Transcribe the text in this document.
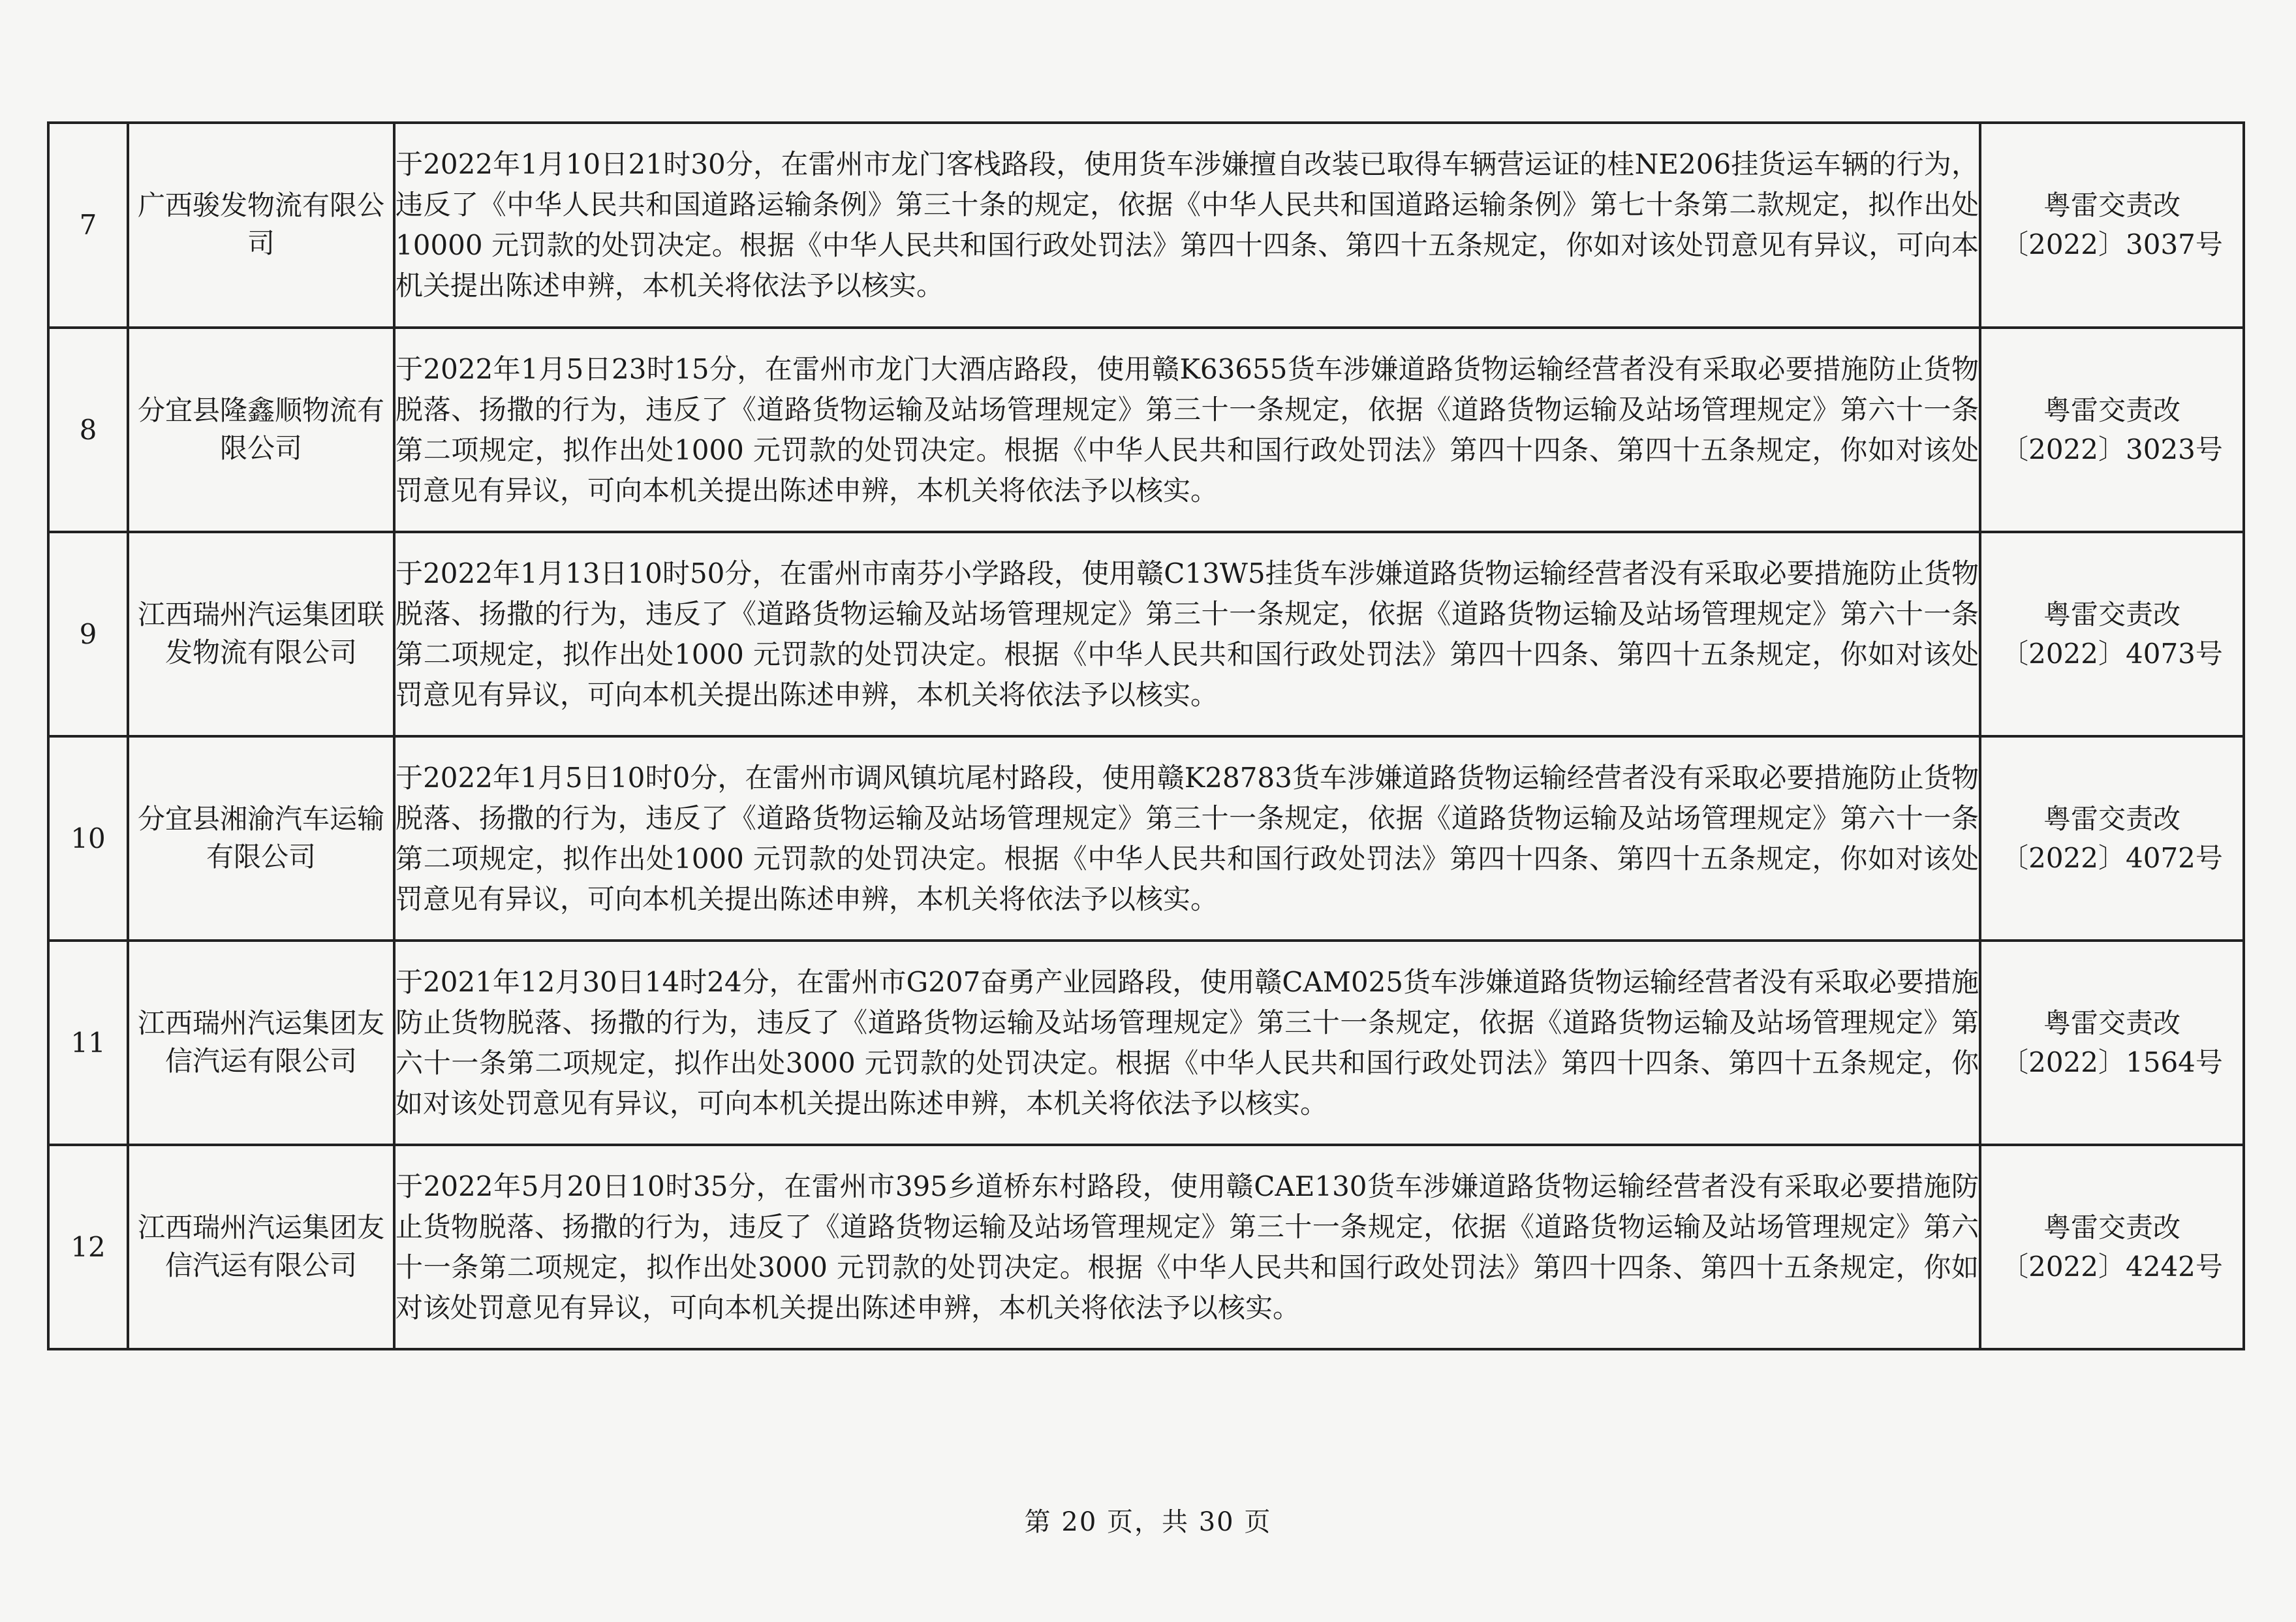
7	广西骏发物流有限公司	于2022年1月10日21时30分，在雷州市龙门客栈路段，使用货车涉嫌擅自改装已取得车辆营运证的桂NE206挂货运车辆的行为，违反了《中华人民共和国道路运输条例》第三十条的规定，依据《中华人民共和国道路运输条例》第七十条第二款规定，拟作出处10000 元罚款的处罚决定。根据《中华人民共和国行政处罚法》第四十四条、第四十五条规定，你如对该处罚意见有异议，可向本机关提出陈述申辨，本机关将依法予以核实。	粤雷交责改
〔2022〕3037号

8	分宜县隆鑫顺物流有限公司	于2022年1月5日23时15分，在雷州市龙门大酒店路段，使用赣K63655货车涉嫌道路货物运输经营者没有采取必要措施防止货物脱落、扬撒的行为，违反了《道路货物运输及站场管理规定》第三十一条规定，依据《道路货物运输及站场管理规定》第六十一条第二项规定，拟作出处1000 元罚款的处罚决定。根据《中华人民共和国行政处罚法》第四十四条、第四十五条规定，你如对该处罚意见有异议，可向本机关提出陈述申辨，本机关将依法予以核实。	粤雷交责改
〔2022〕3023号

9	江西瑞州汽运集团联发物流有限公司	于2022年1月13日10时50分，在雷州市南芬小学路段，使用赣C13W5挂货车涉嫌道路货物运输经营者没有采取必要措施防止货物脱落、扬撒的行为，违反了《道路货物运输及站场管理规定》第三十一条规定，依据《道路货物运输及站场管理规定》第六十一条第二项规定，拟作出处1000 元罚款的处罚决定。根据《中华人民共和国行政处罚法》第四十四条、第四十五条规定，你如对该处罚意见有异议，可向本机关提出陈述申辨，本机关将依法予以核实。	粤雷交责改
〔2022〕4073号

10	分宜县湘渝汽车运输有限公司	于2022年1月5日10时0分，在雷州市调风镇坑尾村路段，使用赣K28783货车涉嫌道路货物运输经营者没有采取必要措施防止货物脱落、扬撒的行为，违反了《道路货物运输及站场管理规定》第三十一条规定，依据《道路货物运输及站场管理规定》第六十一条第二项规定，拟作出处1000 元罚款的处罚决定。根据《中华人民共和国行政处罚法》第四十四条、第四十五条规定，你如对该处罚意见有异议，可向本机关提出陈述申辨，本机关将依法予以核实。	粤雷交责改
〔2022〕4072号

11	江西瑞州汽运集团友信汽运有限公司	于2021年12月30日14时24分，在雷州市G207奋勇产业园路段，使用赣CAM025货车涉嫌道路货物运输经营者没有采取必要措施防止货物脱落、扬撒的行为，违反了《道路货物运输及站场管理规定》第三十一条规定，依据《道路货物运输及站场管理规定》第六十一条第二项规定，拟作出处3000 元罚款的处罚决定。根据《中华人民共和国行政处罚法》第四十四条、第四十五条规定，你如对该处罚意见有异议，可向本机关提出陈述申辨，本机关将依法予以核实。	粤雷交责改
〔2022〕1564号

12	江西瑞州汽运集团友信汽运有限公司	于2022年5月20日10时35分，在雷州市395乡道桥东村路段，使用赣CAE130货车涉嫌道路货物运输经营者没有采取必要措施防止货物脱落、扬撒的行为，违反了《道路货物运输及站场管理规定》第三十一条规定，依据《道路货物运输及站场管理规定》第六十一条第二项规定，拟作出处3000 元罚款的处罚决定。根据《中华人民共和国行政处罚法》第四十四条、第四十五条规定，你如对该处罚意见有异议，可向本机关提出陈述申辨，本机关将依法予以核实。	粤雷交责改
〔2022〕4242号
第 20 页，共 30 页
